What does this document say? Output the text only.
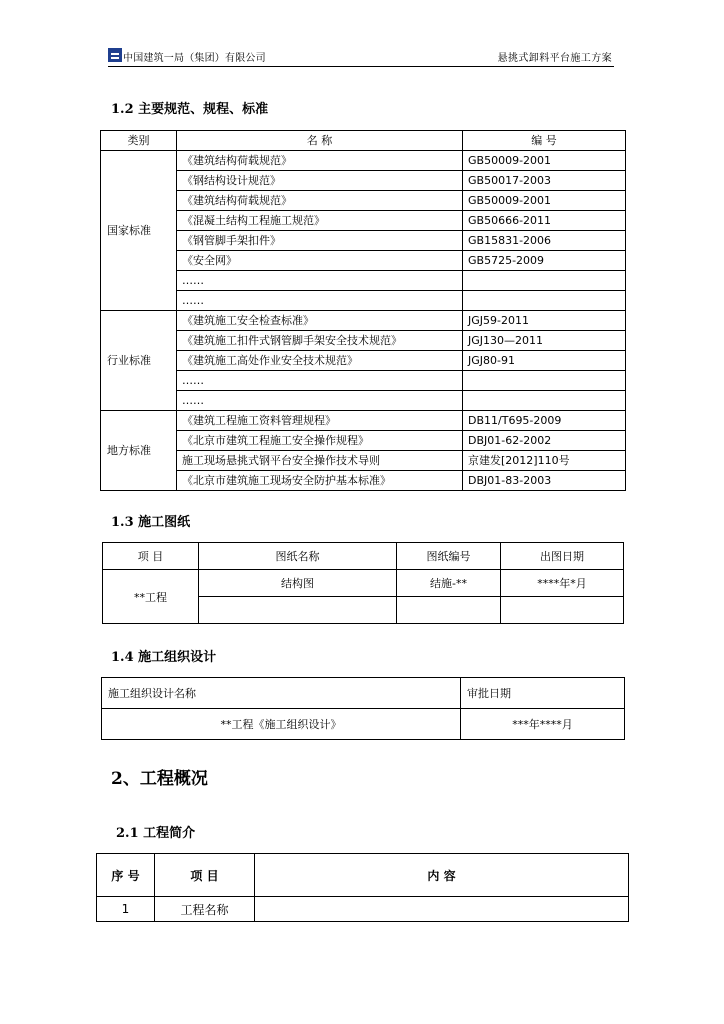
中国建筑一局（集团）有限公司	悬挑式卸料平台施工方案
1.2 主要规范、规程、标准
类别	名 称	编 号
国家标准	《建筑结构荷载规范》	GB50009-2001
	《钢结构设计规范》	GB50017-2003
	《建筑结构荷载规范》	GB50009-2001
	《混凝土结构工程施工规范》	GB50666-2011
	《钢管脚手架扣件》	GB15831-2006
	《安全网》	GB5725-2009
	……	
	……	
行业标准	《建筑施工安全检查标准》	JGJ59-2011
	《建筑施工扣件式钢管脚手架安全技术规范》	JGJ130—2011
	《建筑施工高处作业安全技术规范》	JGJ80-91
	……	
	……	
地方标准	《建筑工程施工资料管理规程》	DB11/T695-2009
	《北京市建筑工程施工安全操作规程》	DBJ01-62-2002
	施工现场悬挑式钢平台安全操作技术导则	京建发[2012]110号
	《北京市建筑施工现场安全防护基本标准》	DBJ01-83-2003
1.3 施工图纸
项 目	图纸名称	图纸编号	出图日期
**工程	结构图	结施-**	****年*月

1.4 施工组织设计
施工组织设计名称	审批日期
**工程《施工组织设计》	***年****月
2、工程概况
2.1 工程简介
序 号	项 目	内 容
1	工程名称	
